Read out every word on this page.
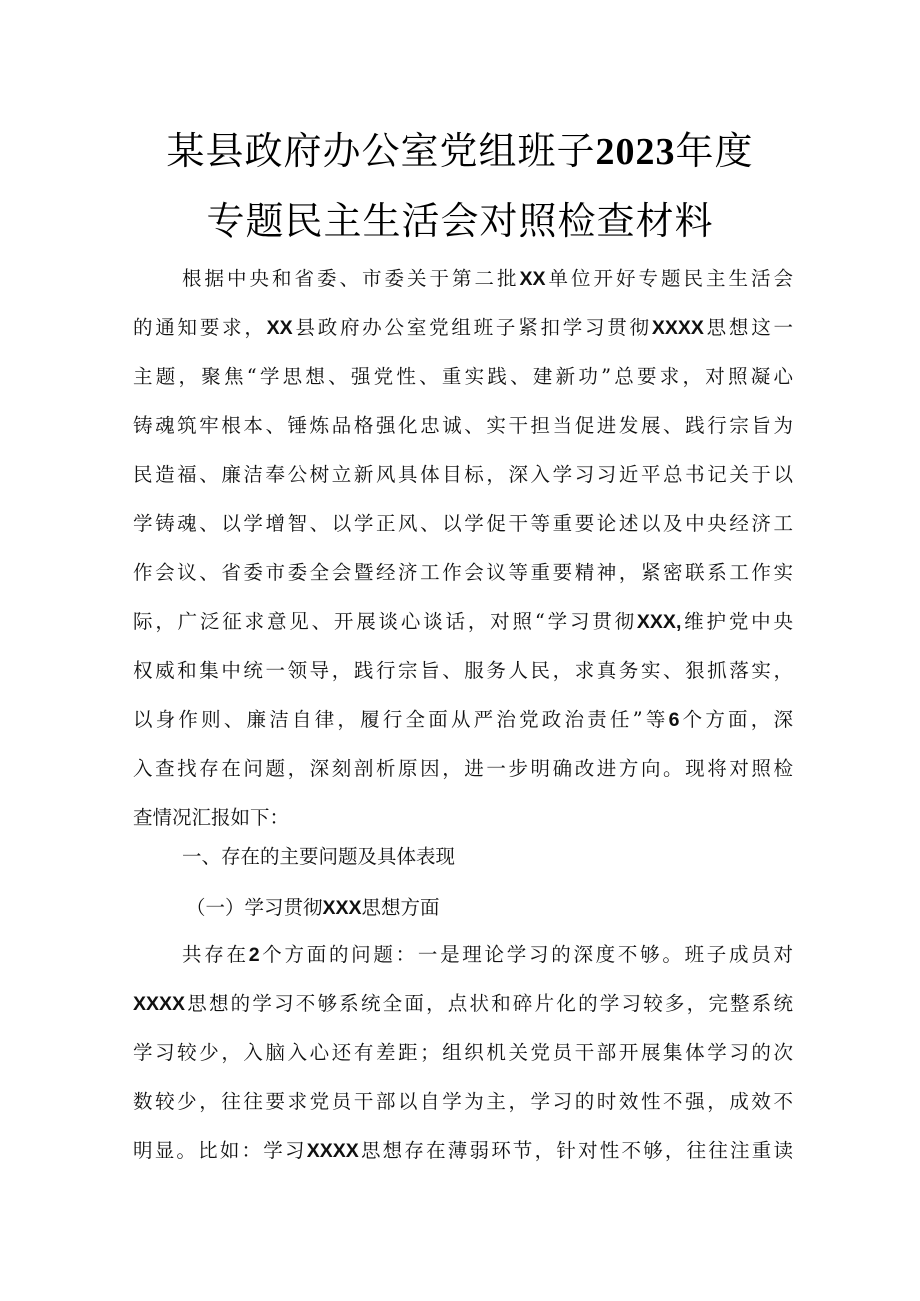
某县政府办公室党组班子2023年度
专题民主生活会对照检查材料
根据中央和省委、市委关于第二批XX单位开好专题民主生活会
的通知要求，XX县政府办公室党组班子紧扣学习贯彻XXXX思想这一
主题，聚焦“学思想、强党性、重实践、建新功”总要求，对照凝心
铸魂筑牢根本、锤炼品格强化忠诚、实干担当促进发展、践行宗旨为
民造福、廉洁奉公树立新风具体目标，深入学习习近平总书记关于以
学铸魂、以学增智、以学正风、以学促干等重要论述以及中央经济工
作会议、省委市委全会暨经济工作会议等重要精神，紧密联系工作实
际，广泛征求意见、开展谈心谈话，对照“学习贯彻XXX,维护党中央
权威和集中统一领导，践行宗旨、服务人民，求真务实、狠抓落实，
以身作则、廉洁自律，履行全面从严治党政治责任”等6个方面，深
入查找存在问题，深刻剖析原因，进一步明确改进方向。现将对照检
查情况汇报如下：
一、存在的主要问题及具体表现
（一）学习贯彻XXX思想方面
共存在2个方面的问题：一是理论学习的深度不够。班子成员对
XXXX思想的学习不够系统全面，点状和碎片化的学习较多，完整系统
学习较少，入脑入心还有差距；组织机关党员干部开展集体学习的次
数较少，往往要求党员干部以自学为主，学习的时效性不强，成效不
明显。比如：学习XXXX思想存在薄弱环节，针对性不够，往往注重读
